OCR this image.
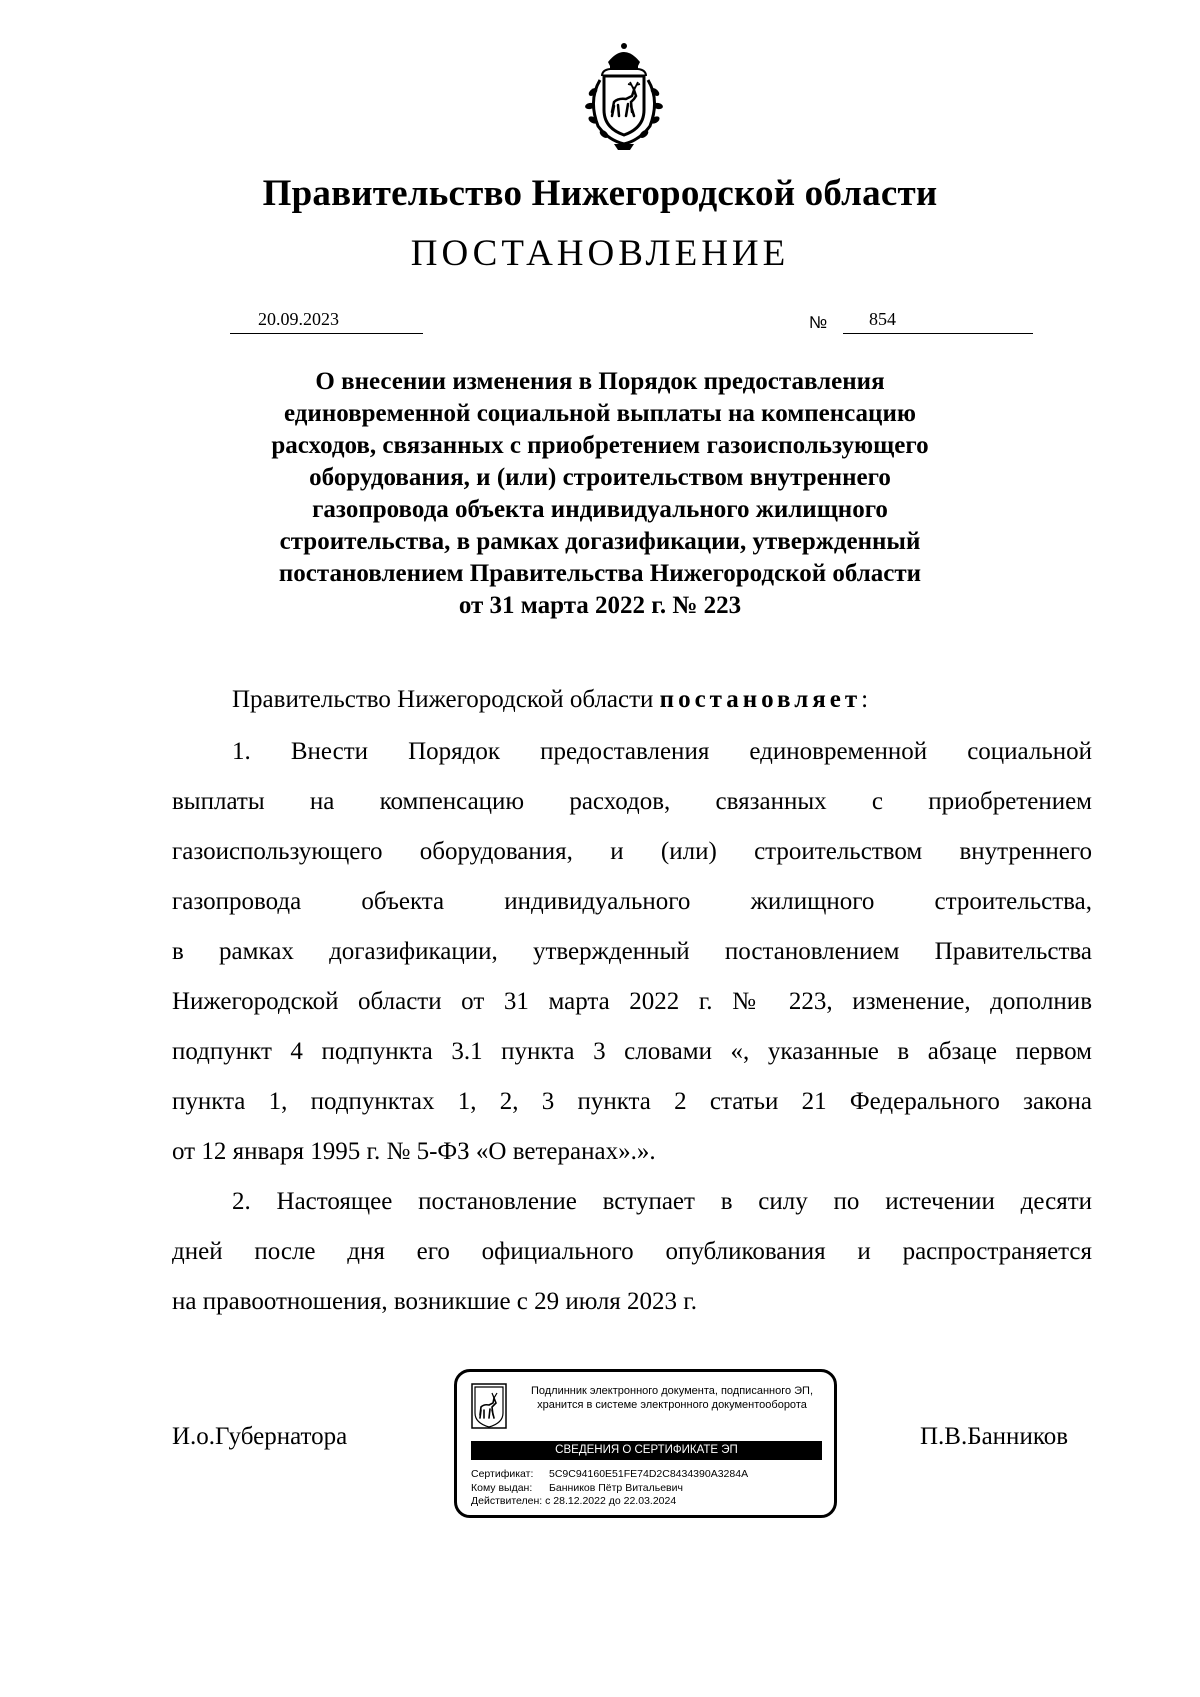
Правительство Нижегородской области
ПОСТАНОВЛЕНИЕ
20.09.2023	№ 854
О внесении изменения в Порядок предоставления
единовременной социальной выплаты на компенсацию
расходов, связанных с приобретением газоиспользующего
оборудования, и (или) строительством внутреннего
газопровода объекта индивидуального жилищного
строительства, в рамках догазификации, утвержденный
постановлением Правительства Нижегородской области
от 31 марта 2022 г. № 223
Правительство Нижегородской области постановляет:
1. Внести Порядок предоставления единовременной социальной
выплаты на компенсацию расходов, связанных с приобретением
газоиспользующего оборудования, и (или) строительством внутреннего
газопровода объекта индивидуального жилищного строительства,
в рамках догазификации, утвержденный постановлением Правительства
Нижегородской области от 31 марта 2022 г. № 223, изменение, дополнив
подпункт 4 подпункта 3.1 пункта 3 словами «, указанные в абзаце первом
пункта 1, подпунктах 1, 2, 3 пункта 2 статьи 21 Федерального закона
от 12 января 1995 г. № 5-ФЗ «О ветеранах».».
2. Настоящее постановление вступает в силу по истечении десяти
дней после дня его официального опубликования и распространяется
на правоотношения, возникшие с 29 июля 2023 г.
И.о.Губернатора	П.В.Банников
Подлинник электронного документа, подписанного ЭП,
хранится в системе электронного документооборота
СВЕДЕНИЯ О СЕРТИФИКАТЕ ЭП
Сертификат: 5C9C94160E51FE74D2C8434390A3284A
Кому выдан: Банников Пётр Витальевич
Действителен: с 28.12.2022 до 22.03.2024
